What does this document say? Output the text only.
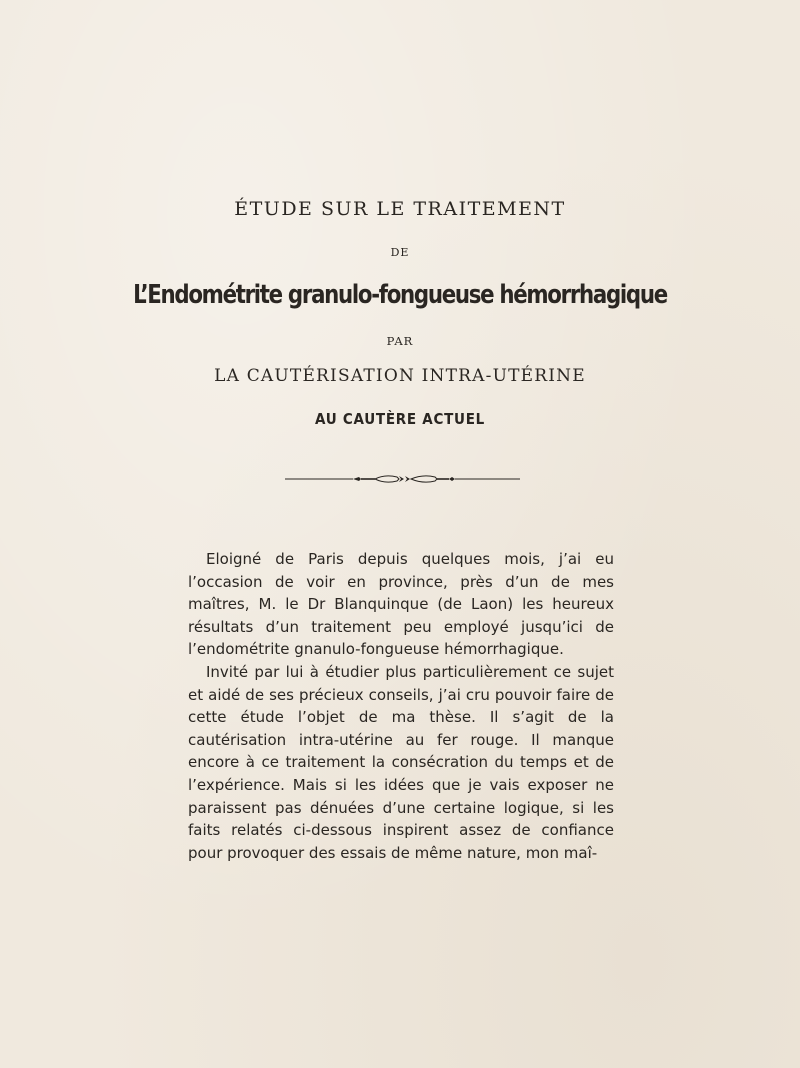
ÉTUDE SUR LE TRAITEMENT
DE
L’Endométrite granulo-fongueuse hémorrhagique
PAR
LA CAUTÉRISATION INTRA-UTÉRINE
AU CAUTÈRE ACTUEL

Eloigné de Paris depuis quelques mois, j’ai eu l’occasion de voir en province, près d’un de mes maîtres, M. le Dr Blanquinque (de Laon) les heureux résultats d’un traitement peu employé jusqu’ici de l’endométrite gnanulo-fongueuse hémorrhagique.

Invité par lui à étudier plus particulièrement ce sujet et aidé de ses précieux conseils, j’ai cru pouvoir faire de cette étude l’objet de ma thèse. Il s’agit de la cautérisation intra-utérine au fer rouge. Il manque encore à ce traitement la consécration du temps et de l’expérience. Mais si les idées que je vais exposer ne paraissent pas dénuées d’une certaine logique, si les faits relatés ci-dessous inspirent assez de confiance pour provoquer des essais de même nature, mon maî-
